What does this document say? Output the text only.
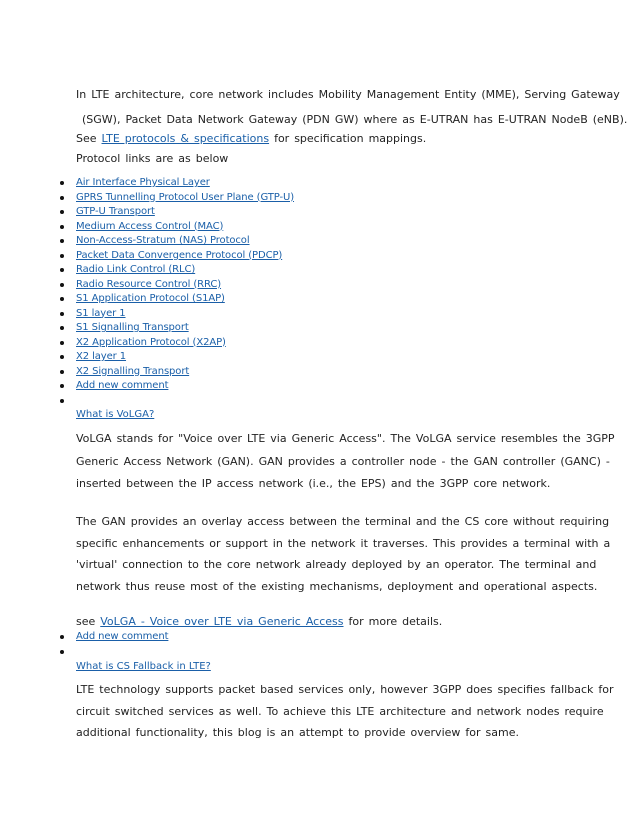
In LTE architecture, core network includes Mobility Management Entity (MME), Serving Gateway
(SGW), Packet Data Network Gateway (PDN GW) where as E-UTRAN has E-UTRAN NodeB (eNB).
See LTE protocols & specifications for specification mappings.
Protocol links are as below
Air Interface Physical Layer
GPRS Tunnelling Protocol User Plane (GTP-U)
GTP-U Transport
Medium Access Control (MAC)
Non-Access-Stratum (NAS) Protocol
Packet Data Convergence Protocol (PDCP)
Radio Link Control (RLC)
Radio Resource Control (RRC)
S1 Application Protocol (S1AP)
S1 layer 1
S1 Signalling Transport
X2 Application Protocol (X2AP)
X2 layer 1
X2 Signalling Transport
Add new comment
What is VoLGA?
VoLGA stands for "Voice over LTE via Generic Access". The VoLGA service resembles the 3GPP
Generic Access Network (GAN). GAN provides a controller node - the GAN controller (GANC) -
inserted between the IP access network (i.e., the EPS) and the 3GPP core network.
The GAN provides an overlay access between the terminal and the CS core without requiring
specific enhancements or support in the network it traverses. This provides a terminal with a
'virtual' connection to the core network already deployed by an operator. The terminal and
network thus reuse most of the existing mechanisms, deployment and operational aspects.
see VoLGA - Voice over LTE via Generic Access for more details.
Add new comment
What is CS Fallback in LTE?
LTE technology supports packet based services only, however 3GPP does specifies fallback for
circuit switched services as well. To achieve this LTE architecture and network nodes require
additional functionality, this blog is an attempt to provide overview for same.
